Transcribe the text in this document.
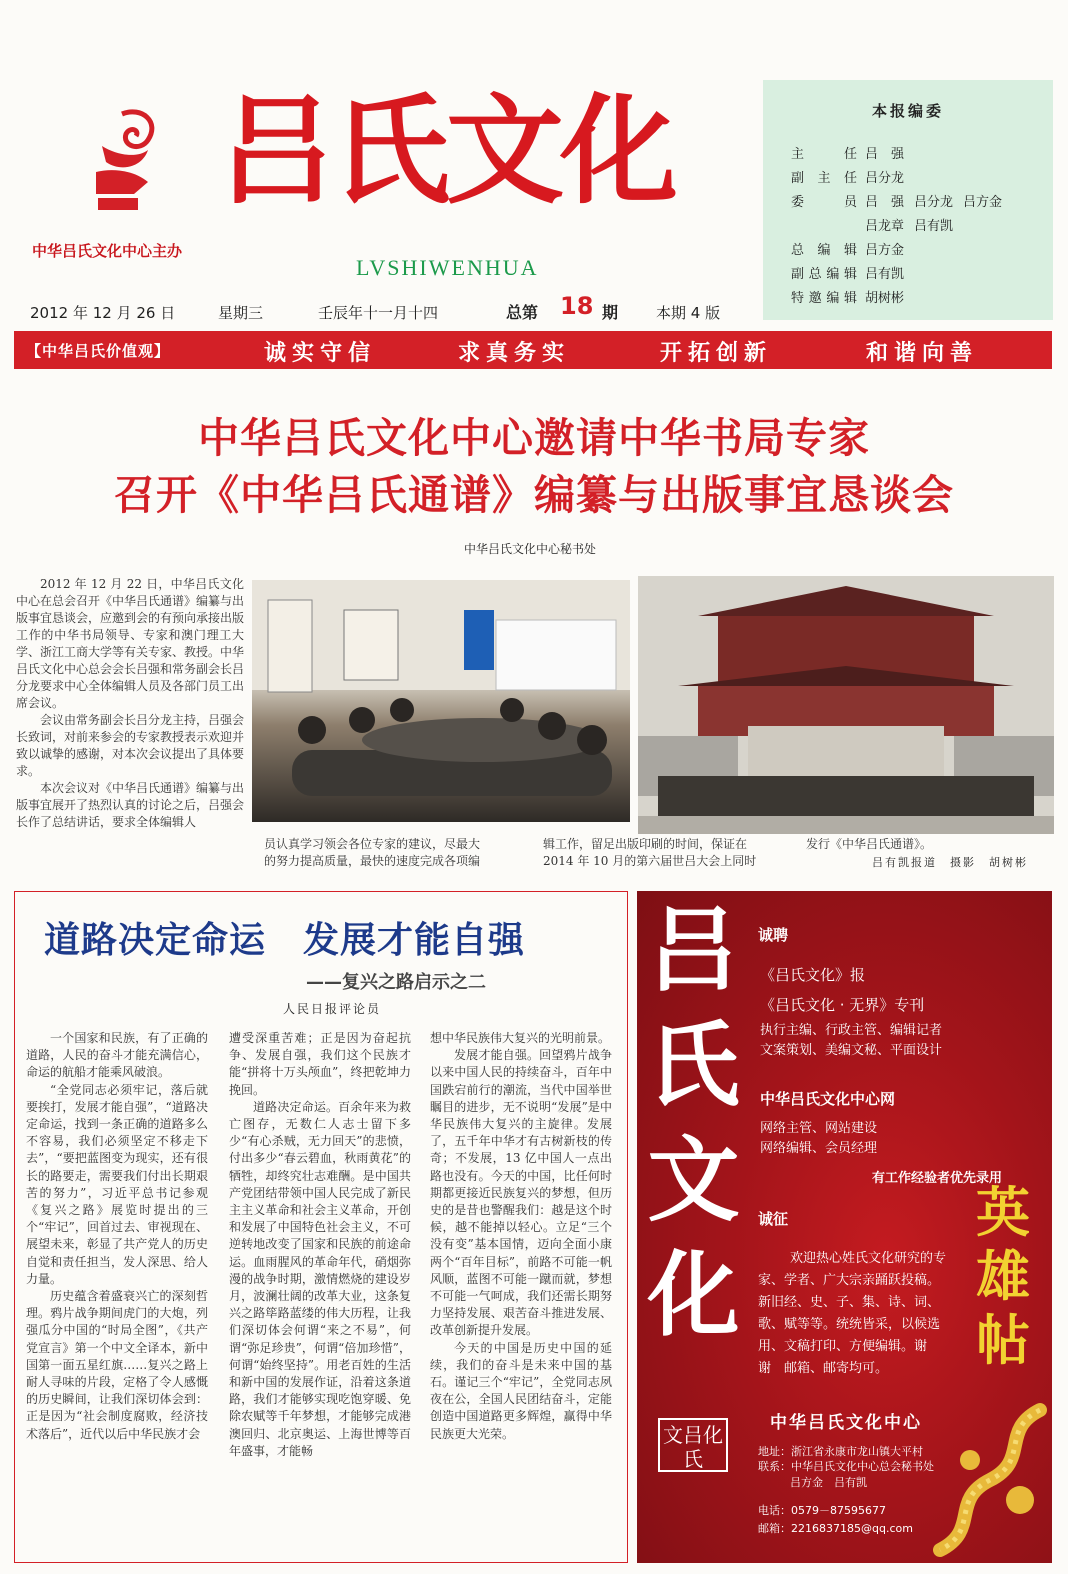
吕氏文化
LVSHIWENHUA
中华吕氏文化中心主办
本报编委
主　　任 吕　强
副 主 任 吕分龙
委　　员 吕　强 吕分龙 吕方金
吕龙章 吕有凯
总 编 辑 吕方金
副总编辑 吕有凯
特邀编辑 胡树彬
2012 年 12 月 26 日	星期三	壬辰年十一月十四	总第 18 期	本期 4 版
【中华吕氏价值观】	诚实守信	求真务实	开拓创新	和谐向善
中华吕氏文化中心邀请中华书局专家
召开《中华吕氏通谱》编纂与出版事宜恳谈会
中华吕氏文化中心秘书处

2012 年 12 月 22 日，中华吕氏文化中心在总会召开《中华吕氏通谱》编纂与出版事宜恳谈会，应邀到会的有预向承接出版工作的中华书局领导、专家和澳门理工大学、浙江工商大学等有关专家、教授。中华吕氏文化中心总会会长吕强和常务副会长吕分龙要求中心全体编辑人员及各部门员工出席会议。

会议由常务副会长吕分龙主持，吕强会长致词，对前来参会的专家教授表示欢迎并致以诚挚的感谢，对本次会议提出了具体要求。

本次会议对《中华吕氏通谱》编纂与出版事宜展开了热烈认真的讨论之后，吕强会长作了总结讲话，要求全体编辑人

员认真学习领会各位专家的建议，尽最大
的努力提高质量，最快的速度完成各项编
辑工作，留足出版印刷的时间，保证在
2014 年 10 月的第六届世吕大会上同时
发行《中华吕氏通谱》。
吕有凯报道　摄影　胡树彬
道路决定命运　发展才能自强
——复兴之路启示之二
人民日报评论员

一个国家和民族，有了正确的道路，人民的奋斗才能充满信心，命运的航船才能乘风破浪。

“全党同志必须牢记，落后就要挨打，发展才能自强”，“道路决定命运，找到一条正确的道路多么不容易，我们必须坚定不移走下去”，“要把蓝图变为现实，还有很长的路要走，需要我们付出长期艰苦的努力”，习近平总书记参观《复兴之路》展览时提出的三个“牢记”，回首过去、审视现在、展望未来，彰显了共产党人的历史自觉和责任担当，发人深思、给人力量。

历史蕴含着盛衰兴亡的深刻哲理。鸦片战争期间虎门的大炮，列强瓜分中国的“时局全图”，《共产党宣言》第一个中文全译本，新中国第一面五星红旗……复兴之路上耐人寻味的片段，定格了令人感慨的历史瞬间，让我们深切体会到：正是因为“社会制度腐败，经济技术落后”，近代以后中华民族才会

遭受深重苦难；正是因为奋起抗争、发展自强，我们这个民族才能“拼将十万头颅血”，终把乾坤力挽回。

道路决定命运。百余年来为救亡图存，无数仁人志士留下多少“有心杀贼，无力回天”的悲愤，付出多少“春云碧血，秋雨黄花”的牺牲，却终究壮志难酬。是中国共产党团结带领中国人民完成了新民主主义革命和社会主义革命，开创和发展了中国特色社会主义，不可逆转地改变了国家和民族的前途命运。血雨腥风的革命年代，硝烟弥漫的战争时期，激情燃烧的建设岁月，波澜壮阔的改革大业，这条复兴之路筚路蓝缕的伟大历程，让我们深切体会何谓“来之不易”，何谓“弥足珍贵”，何谓“倍加珍惜”，何谓“始终坚持”。用老百姓的生活和新中国的发展作证，沿着这条道路，我们才能够实现吃饱穿暖、免除农赋等千年梦想，才能够完成港澳回归、北京奥运、上海世博等百年盛事，才能畅

想中华民族伟大复兴的光明前景。

发展才能自强。回望鸦片战争以来中国人民的持续奋斗，百年中国跌宕前行的潮流，当代中国举世瞩目的进步，无不说明“发展”是中华民族伟大复兴的主旋律。发展了，五千年中华才有古树新枝的传奇；不发展，13 亿中国人一点出路也没有。今天的中国，比任何时期都更接近民族复兴的梦想，但历史的是昔也警醒我们：越是这个时候，越不能掉以轻心。立足“三个没有变”基本国情，迈向全面小康两个“百年目标”，前路不可能一帆风顺，蓝图不可能一蹴而就，梦想不可能一气呵成，我们还需长期努力坚持发展、艰苦奋斗推进发展、改革创新提升发展。

今天的中国是历史中国的延续，我们的奋斗是未来中国的基石。谨记三个“牢记”，全党同志夙夜在公，全国人民团结奋斗，定能创造中国道路更多辉煌，赢得中华民族更大光荣。

吕
氏
文
化
诚聘
《吕氏文化》报
《吕氏文化 · 无界》专刊
执行主编、行政主管、编辑记者
文案策划、美编文秘、平面设计
中华吕氏文化中心网
网络主管、网站建设
网络编辑、会员经理
有工作经验者优先录用
诚征
欢迎热心姓氏文化研究的专
家、学者、广大宗亲踊跃投稿。
新旧经、史、子、集、诗、词、
歌、赋等等。统统皆采，以候选
用、文稿打印、方便编辑。谢
谢　邮箱、邮寄均可。
英
雄
帖
中华吕氏文化中心
文吕化氏	地址：浙江省永康市龙山镇大平村
联系：中华吕氏文化中心总会秘书处
吕方金　吕有凯
电话：0579－87595677
邮箱：2216837185@qq.com
